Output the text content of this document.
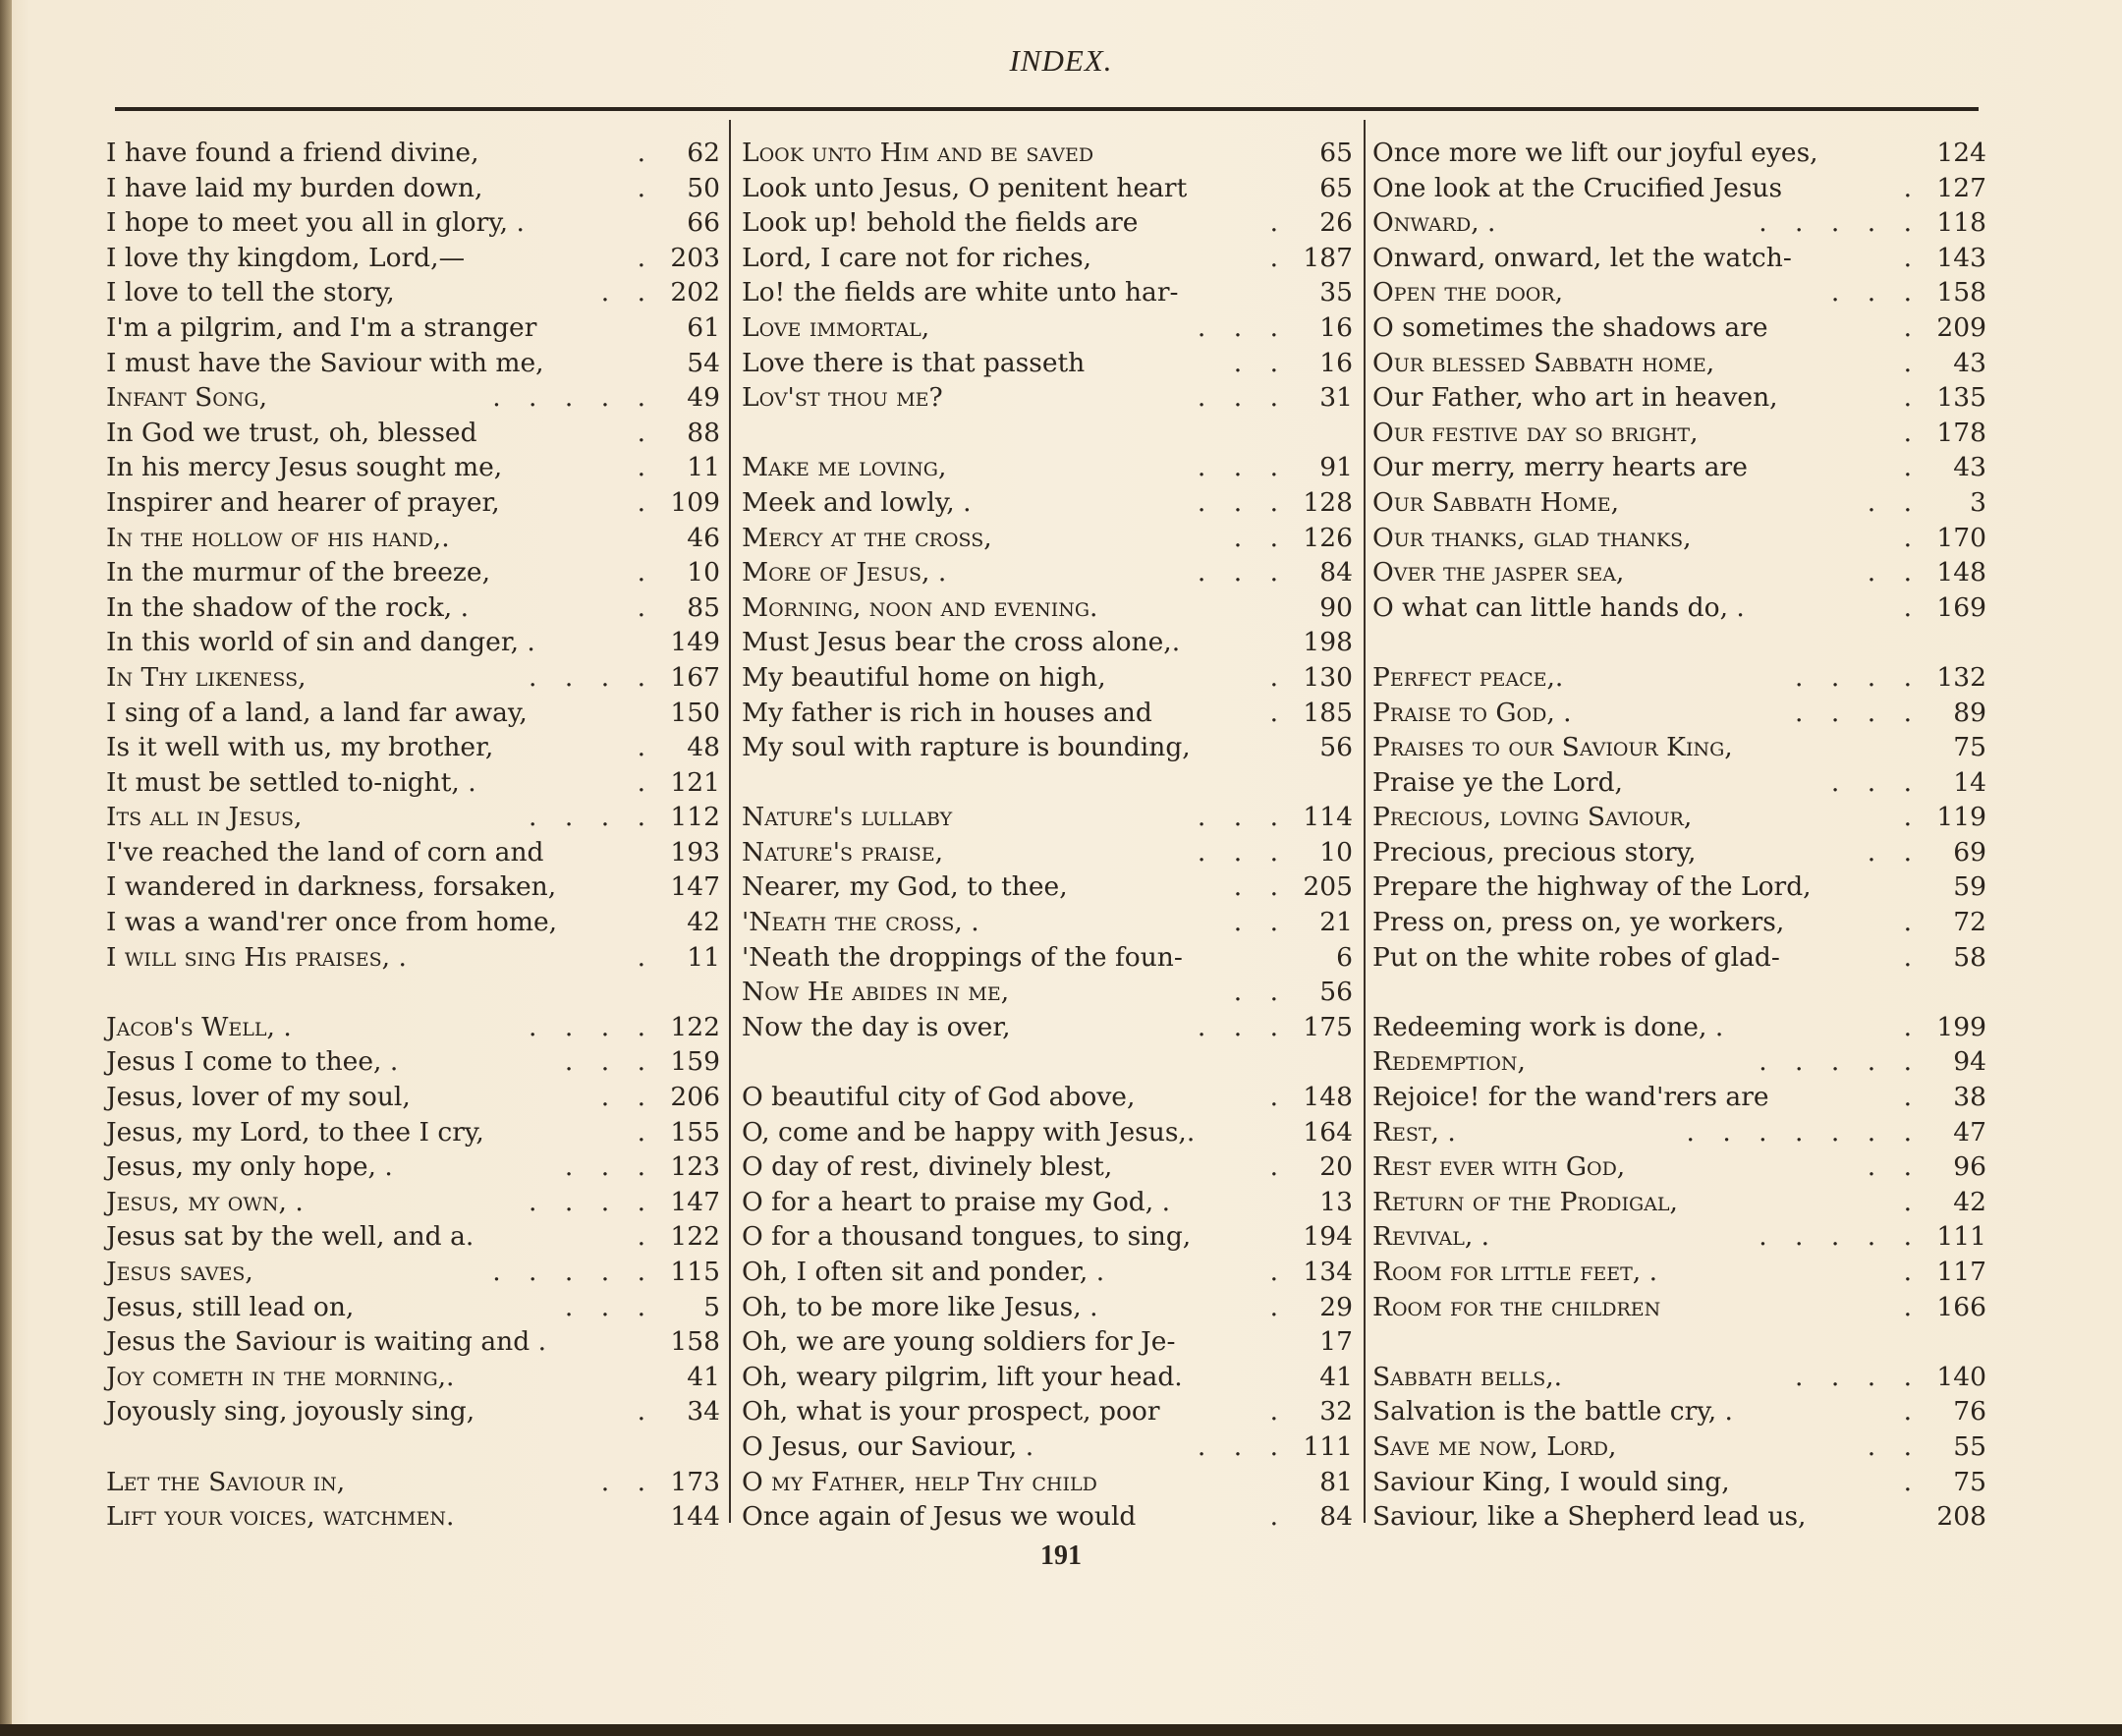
INDEX.
I have found a friend divine,	.	62
I have laid my burden down,	.	50
I hope to meet you all in glory, .	66
I love thy kingdom, Lord,—	. 203
I love to tell the story,	. . 202
I'm a pilgrim, and I'm a stranger	61
I must have the Saviour with me,	54
Infant Song,	. . . . .	49
In God we trust, oh, blessed	.	88
In his mercy Jesus sought me,	.	11
Inspirer and hearer of prayer,	. 109
In the hollow of his hand,.	46
In the murmur of the breeze,	.	10
In the shadow of the rock, .	.	85
In this world of sin and danger, .	149
In Thy likeness,	. . . . 167
I sing of a land, a land far away,	150
Is it well with us, my brother,	.	48
It must be settled to-night, .	. 121
Its all in Jesus,	. . . . 112
I've reached the land of corn and	193
I wandered in darkness, forsaken,	147
I was a wand'rer once from home,	42
I will sing His praises, .	.	11
Jacob's Well, .	. . . . 122
Jesus I come to thee, .	. . . 159
Jesus, lover of my soul,	. . 206
Jesus, my Lord, to thee I cry,	. 155
Jesus, my only hope, .	. . . 123
Jesus, my own, .	. . . . 147
Jesus sat by the well, and a.	. 122
Jesus saves,	. . . . . 115
Jesus, still lead on,	. . .	5
Jesus the Saviour is waiting and .	158
Joy cometh in the morning,.	41
Joyously sing, joyously sing,	.	34
Let the Saviour in,	. . 173
Lift your voices, watchmen.	144
Look unto Him and be saved	65
Look unto Jesus, O penitent heart	65
Look up! behold the fields are	.	26
Lord, I care not for riches,	. 187
Lo! the fields are white unto har-	35
Love immortal,	. . .	16
Love there is that passeth	. .	16
Lov'st thou me?	. . .	31
Make me loving,	. . .	91
Meek and lowly, .	. . . 128
Mercy at the cross,	. . 126
More of Jesus, .	. . .	84
Morning, noon and evening.	90
Must Jesus bear the cross alone,.	198
My beautiful home on high,	. 130
My father is rich in houses and	. 185
My soul with rapture is bounding,	56
Nature's lullaby	. . . 114
Nature's praise,	. . .	10
Nearer, my God, to thee,	. . 205
'Neath the cross, .	. .	21
'Neath the droppings of the foun-	6
Now He abides in me,	. .	56
Now the day is over,	. . . 175
O beautiful city of God above,	. 148
O, come and be happy with Jesus,.	164
O day of rest, divinely blest,	.	20
O for a heart to praise my God, .	13
O for a thousand tongues, to sing,	194
Oh, I often sit and ponder, .	. 134
Oh, to be more like Jesus, .	.	29
Oh, we are young soldiers for Je-	17
Oh, weary pilgrim, lift your head.	41
Oh, what is your prospect, poor	.	32
O Jesus, our Saviour, .	. . . 111
O my Father, help Thy child	81
Once again of Jesus we would	.	84
Once more we lift our joyful eyes,	124
One look at the Crucified Jesus	. 127
Onward, .	. . . . . 118
Onward, onward, let the watch-	. 143
Open the door,	. . . 158
O sometimes the shadows are	. 209
Our blessed Sabbath home,	.	43
Our Father, who art in heaven,	. 135
Our festive day so bright,	. 178
Our merry, merry hearts are	.	43
Our Sabbath Home,	. .	3
Our thanks, glad thanks,	. 170
Over the jasper sea,	. . 148
O what can little hands do, .	. 169
Perfect peace,.	. . . . 132
Praise to God, .	. . . .	89
Praises to our Saviour King,	75
Praise ye the Lord,	. . .	14
Precious, loving Saviour,	. 119
Precious, precious story,	. .	69
Prepare the highway of the Lord,	59
Press on, press on, ye workers,	.	72
Put on the white robes of glad-	.	58
Redeeming work is done, .	. 199
Redemption,	. . . . .	94
Rejoice! for the wand'rers are	.	38
Rest, .	. . . . . . .	47
Rest ever with God,	. .	96
Return of the Prodigal,	.	42
Revival, .	. . . . . 111
Room for little feet, .	. 117
Room for the children	. 166
Sabbath bells,.	. . . . 140
Salvation is the battle cry, .	.	76
Save me now, Lord,	. .	55
Saviour King, I would sing,	.	75
Saviour, like a Shepherd lead us,	208
191
